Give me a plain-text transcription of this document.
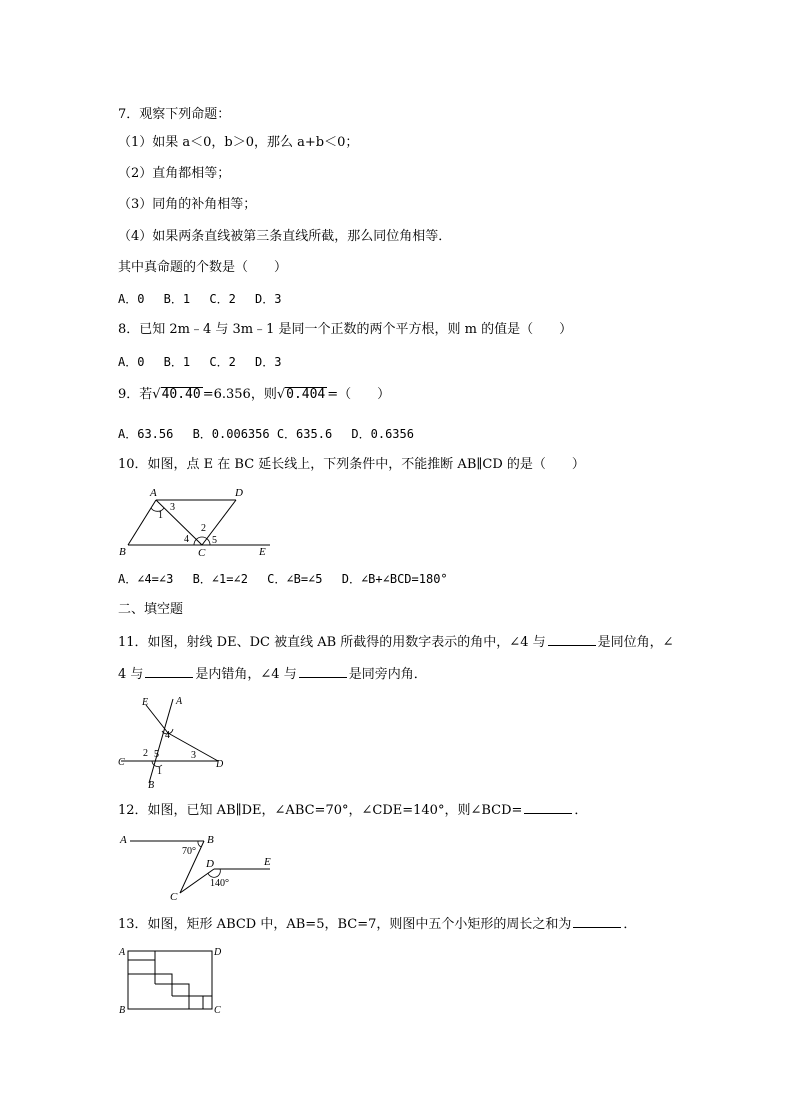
7．观察下列命题：
（1）如果 a＜0，b＞0，那么 a+b＜0；
（2）直角都相等；
（3）同角的补角相等；
（4）如果两条直线被第三条直线所截，那么同位角相等．
其中真命题的个数是（　　）
A．0　 B．1　 C．2　 D．3
8．已知 2m﹣4 与 3m﹣1 是同一个正数的两个平方根，则 m 的值是（　　）
A．0　 B．1　 C．2　 D．3
9．若√40.40 =6.356，则√0.404 =（　　）
A．63.56　 B．0.006356 C．635.6　 D．0.6356
10．如图，点 E 在 BC 延长线上，下列条件中，不能推断 AB∥CD 的是（　　）
A	D
B	C	E
1
3
2
4 5
A．∠4=∠3　 B．∠1=∠2　 C．∠B=∠5　 D．∠B+∠BCD=180°
二、填空题
11．如图，射线 DE、DC 被直线 AB 所截得的用数字表示的角中，∠4 与	是同位角，∠
4 与	是内错角，∠4 与	是同旁内角．
E	A
C	D
B
4
3
2 5
1
12．如图，已知 AB∥DE，∠ABC=70°，∠CDE=140°，则∠BCD=	．
A	B
D	E
C
70°
140°
13．如图，矩形 ABCD 中，AB=5，BC=7，则图中五个小矩形的周长之和为	．
A	D
B	C
